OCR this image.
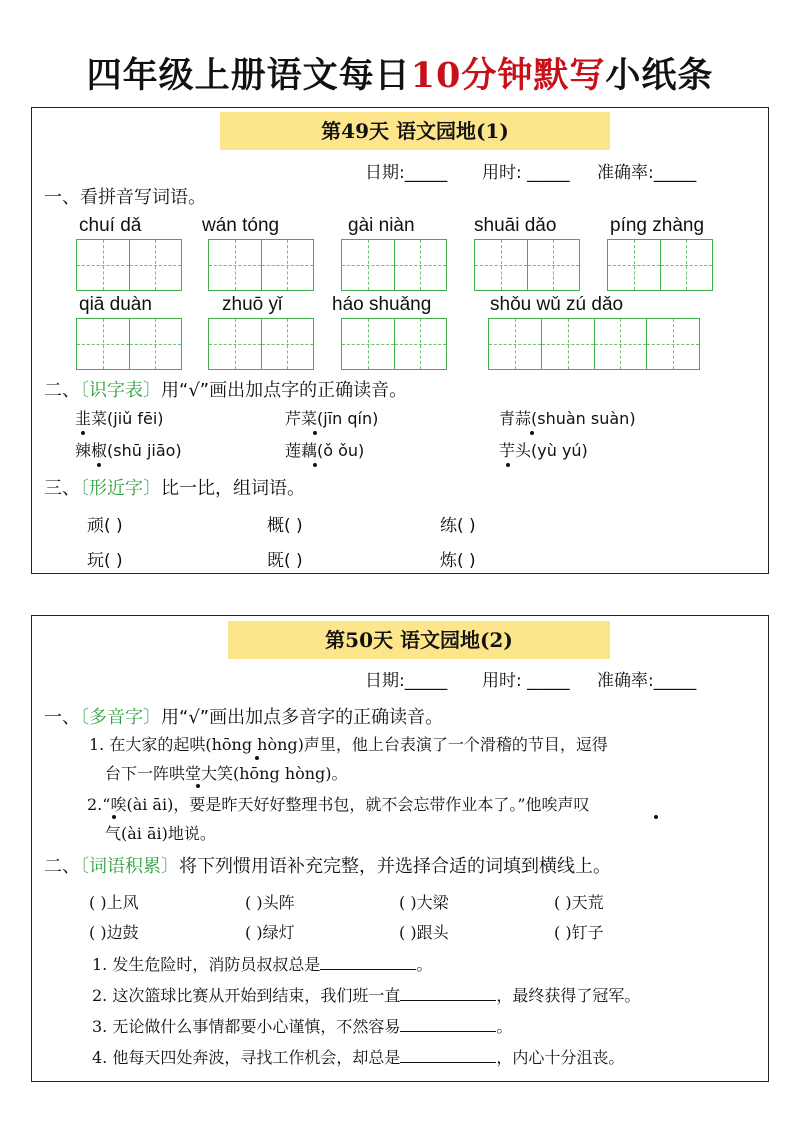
四年级上册语文每日10分钟默写小纸条
第49天 语文园地(1)
日期:_____ 用时: _____ 准确率:_____
一、看拼音写词语。
chuí dǎ	wán tóng	gài niàn	shuāi dǎo	píng zhàng
qiā duàn	zhuō yǐ	háo shuǎng	shǒu wǔ zú dǎo
二、〔识字表〕用“√”画出加点字的正确读音。
韭菜(jiǔ fēi)	芹菜(jīn qín)	青蒜(shuàn suàn)
辣椒(shū jiāo)	莲藕(ǒ ǒu)	芋头(yù yú)
三、〔形近字〕比一比，组词语。
顽( )	概( )	练( )
玩( )	既( )	炼( )
第50天 语文园地(2)
日期:_____ 用时: _____ 准确率:_____
一、〔多音字〕用“√”画出加点多音字的正确读音。
1. 在大家的起哄(hōng hòng)声里，他上台表演了一个滑稽的节目，逗得
台下一阵哄堂大笑(hōng hòng)。
2.“唉(ài āi)，要是昨天好好整理书包，就不会忘带作业本了。”他唉声叹
气(ài āi)地说。
二、〔词语积累〕将下列惯用语补充完整，并选择合适的词填到横线上。
( )上风	( )头阵	( )大梁	( )天荒
( )边鼓	( )绿灯	( )跟头	( )钉子
1. 发生危险时，消防员叔叔总是	。
2. 这次篮球比赛从开始到结束，我们班一直	，最终获得了冠军。
3. 无论做什么事情都要小心谨慎，不然容易	。
4. 他每天四处奔波，寻找工作机会，却总是	，内心十分沮丧。
